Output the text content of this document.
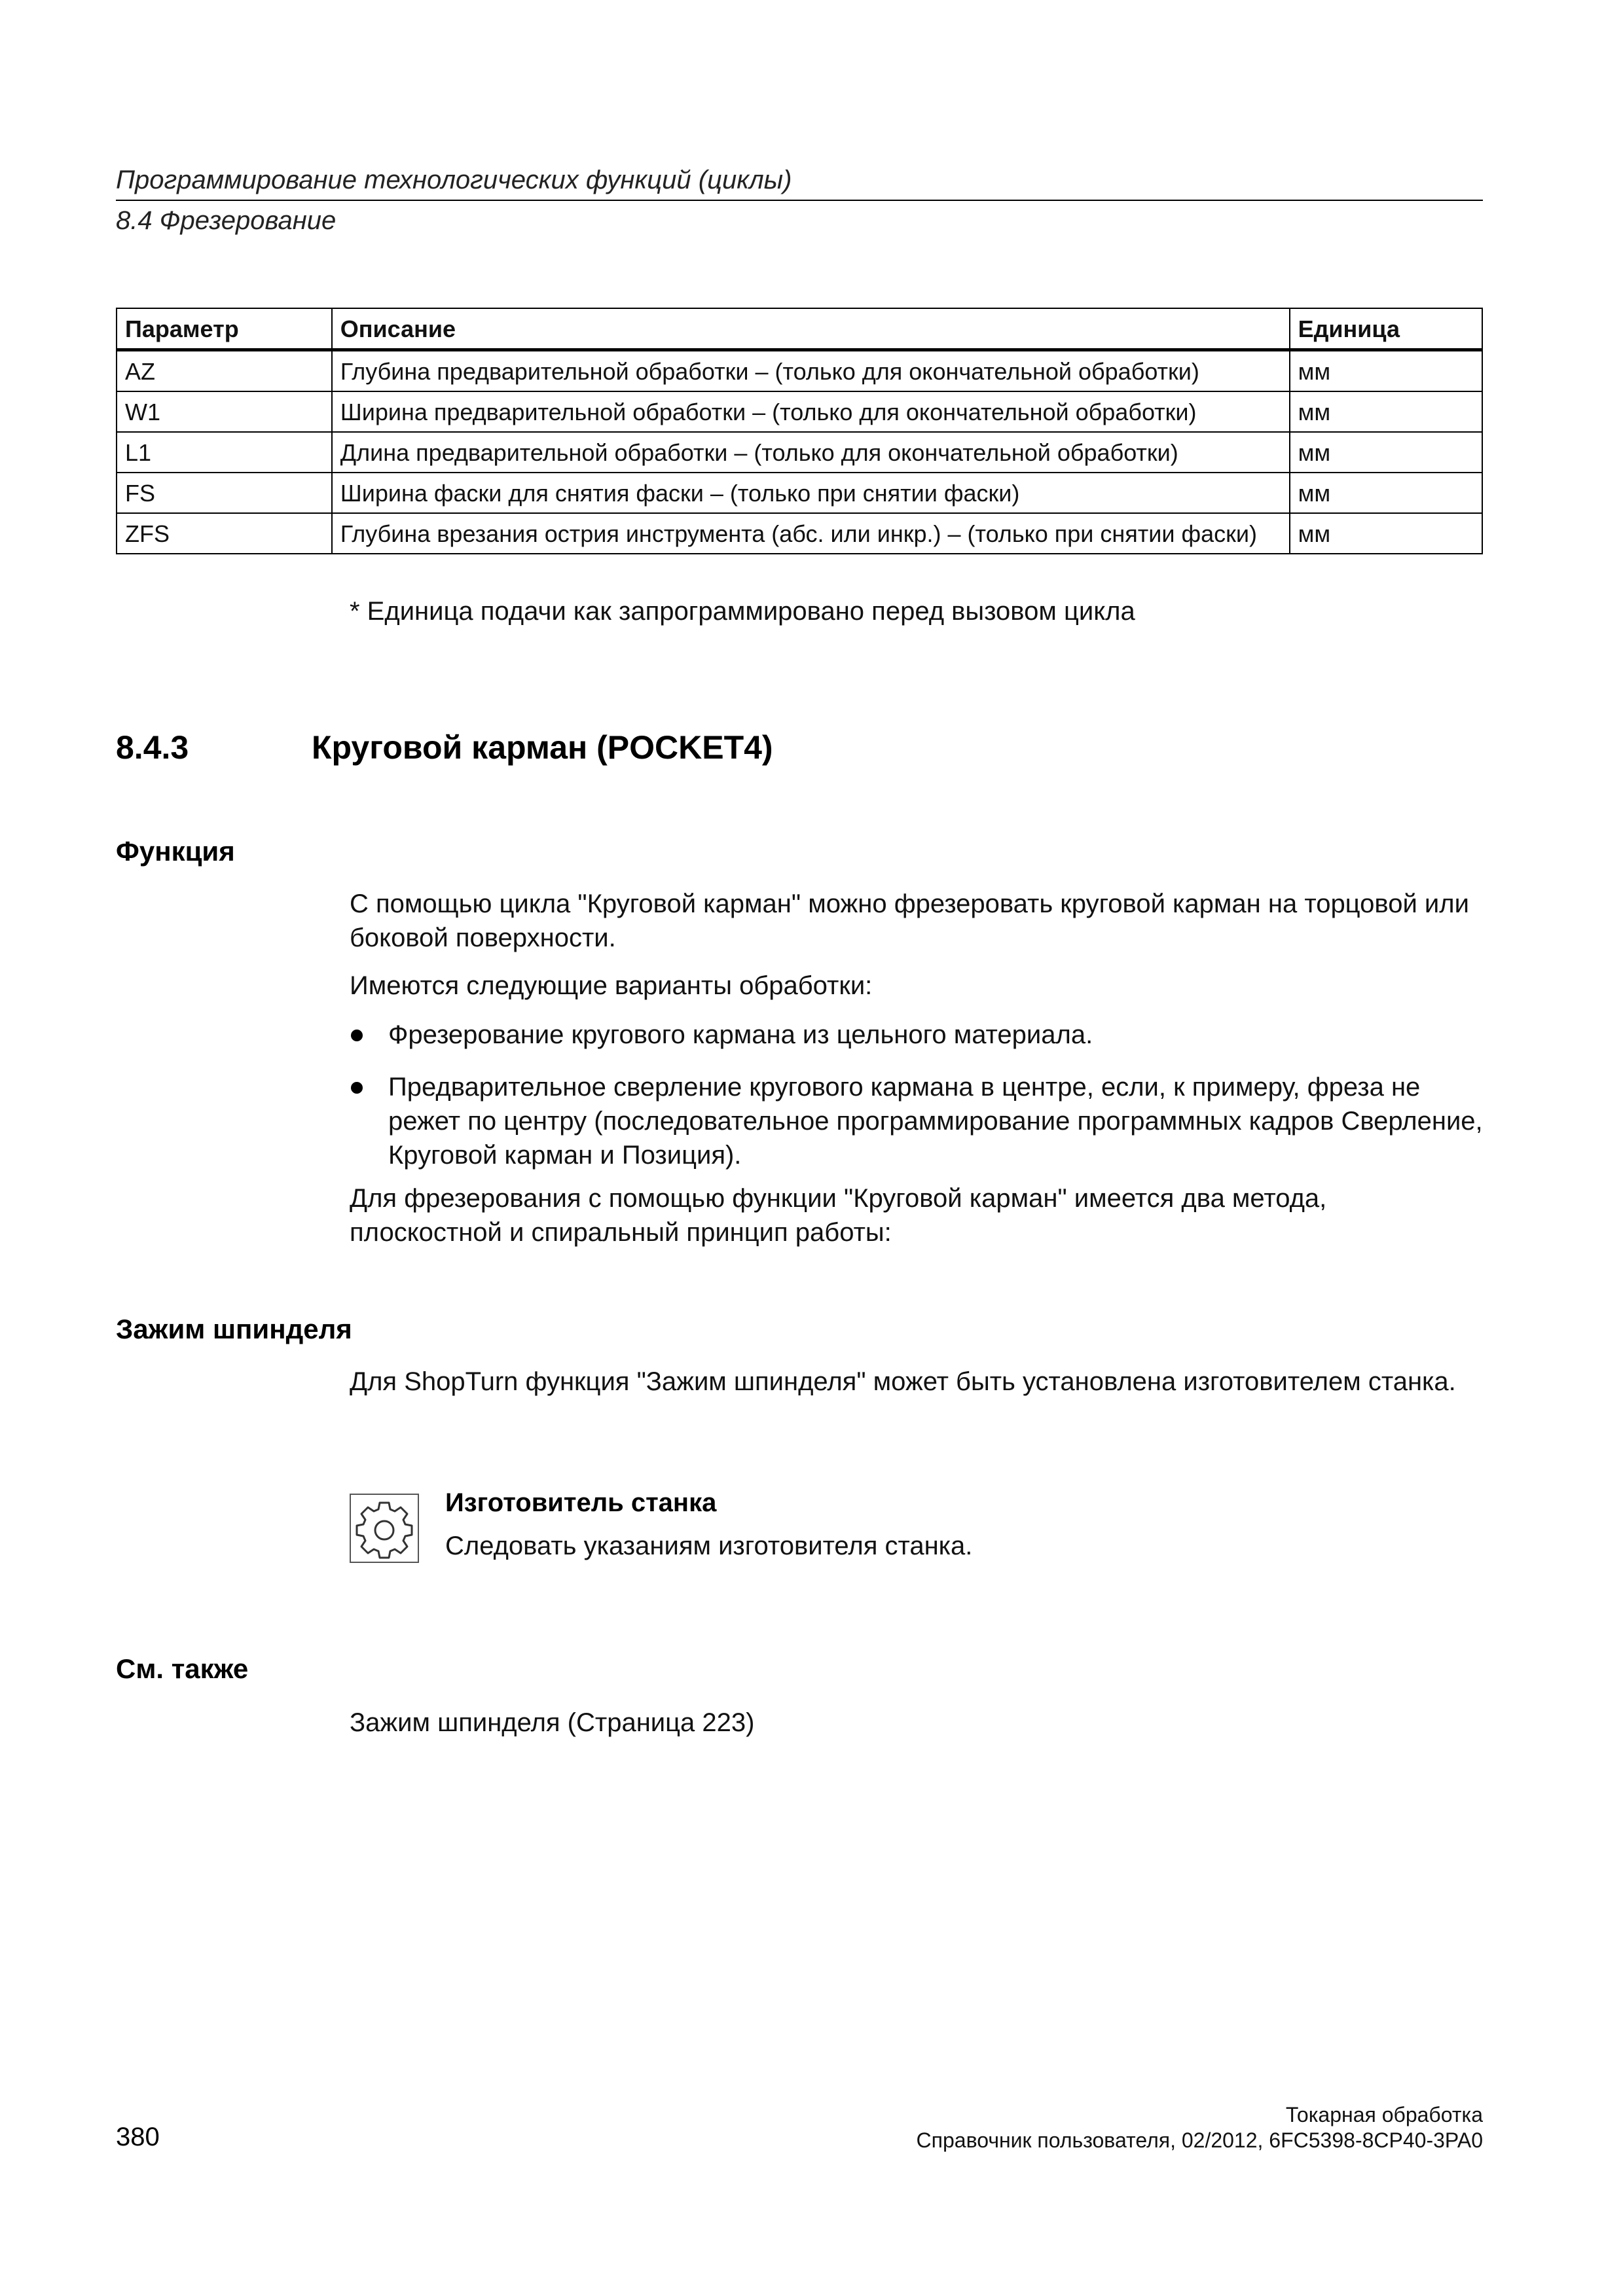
Программирование технологических функций (циклы)
8.4 Фрезерование
Параметр	Описание	Единица
AZ	Глубина предварительной обработки – (только для окончательной обработки)	мм
W1	Ширина предварительной обработки – (только для окончательной обработки)	мм
L1	Длина предварительной обработки – (только для окончательной обработки)	мм
FS	Ширина фаски для снятия фаски – (только при снятии фаски)	мм
ZFS	Глубина врезания острия инструмента (абс. или инкр.) – (только при снятии фаски)	мм
* Единица подачи как запрограммировано перед вызовом цикла
8.4.3	Круговой карман (POCKET4)
Функция
С помощью цикла "Круговой карман" можно фрезеровать круговой карман на торцовой или боковой поверхности.
Имеются следующие варианты обработки:
Фрезерование кругового кармана из цельного материала.
Предварительное сверление кругового кармана в центре, если, к примеру, фреза не режет по центру (последовательное программирование программных кадров Сверление, Круговой карман и Позиция).
Для фрезерования с помощью функции "Круговой карман" имеется два метода, плоскостной и спиральный принцип работы:
Зажим шпинделя
Для ShopTurn функция "Зажим шпинделя" может быть установлена изготовителем станка.
Изготовитель станка
Следовать указаниям изготовителя станка.
См. также
Зажим шпинделя (Страница 223)
Токарная обработка
380	Справочник пользователя, 02/2012, 6FC5398-8CP40-3PA0
